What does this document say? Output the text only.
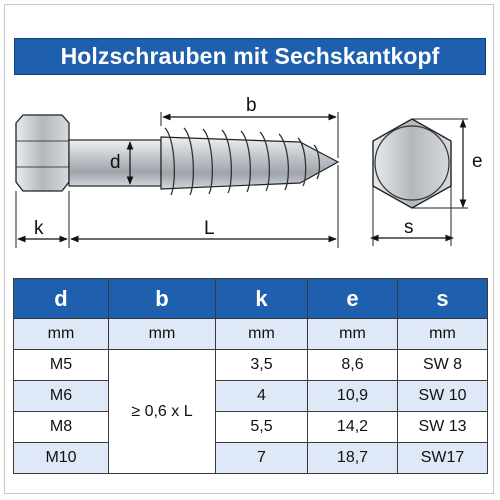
Holzschrauben mit Sechskantkopf
b
d
k	L
e
s
d	b	k	e	s
mm	mm	mm	mm	mm
M5	≥ 0,6 x L	3,5	8,6	SW 8
M6		4	10,9	SW 10
M8		5,5	14,2	SW 13
M10		7	18,7	SW17
